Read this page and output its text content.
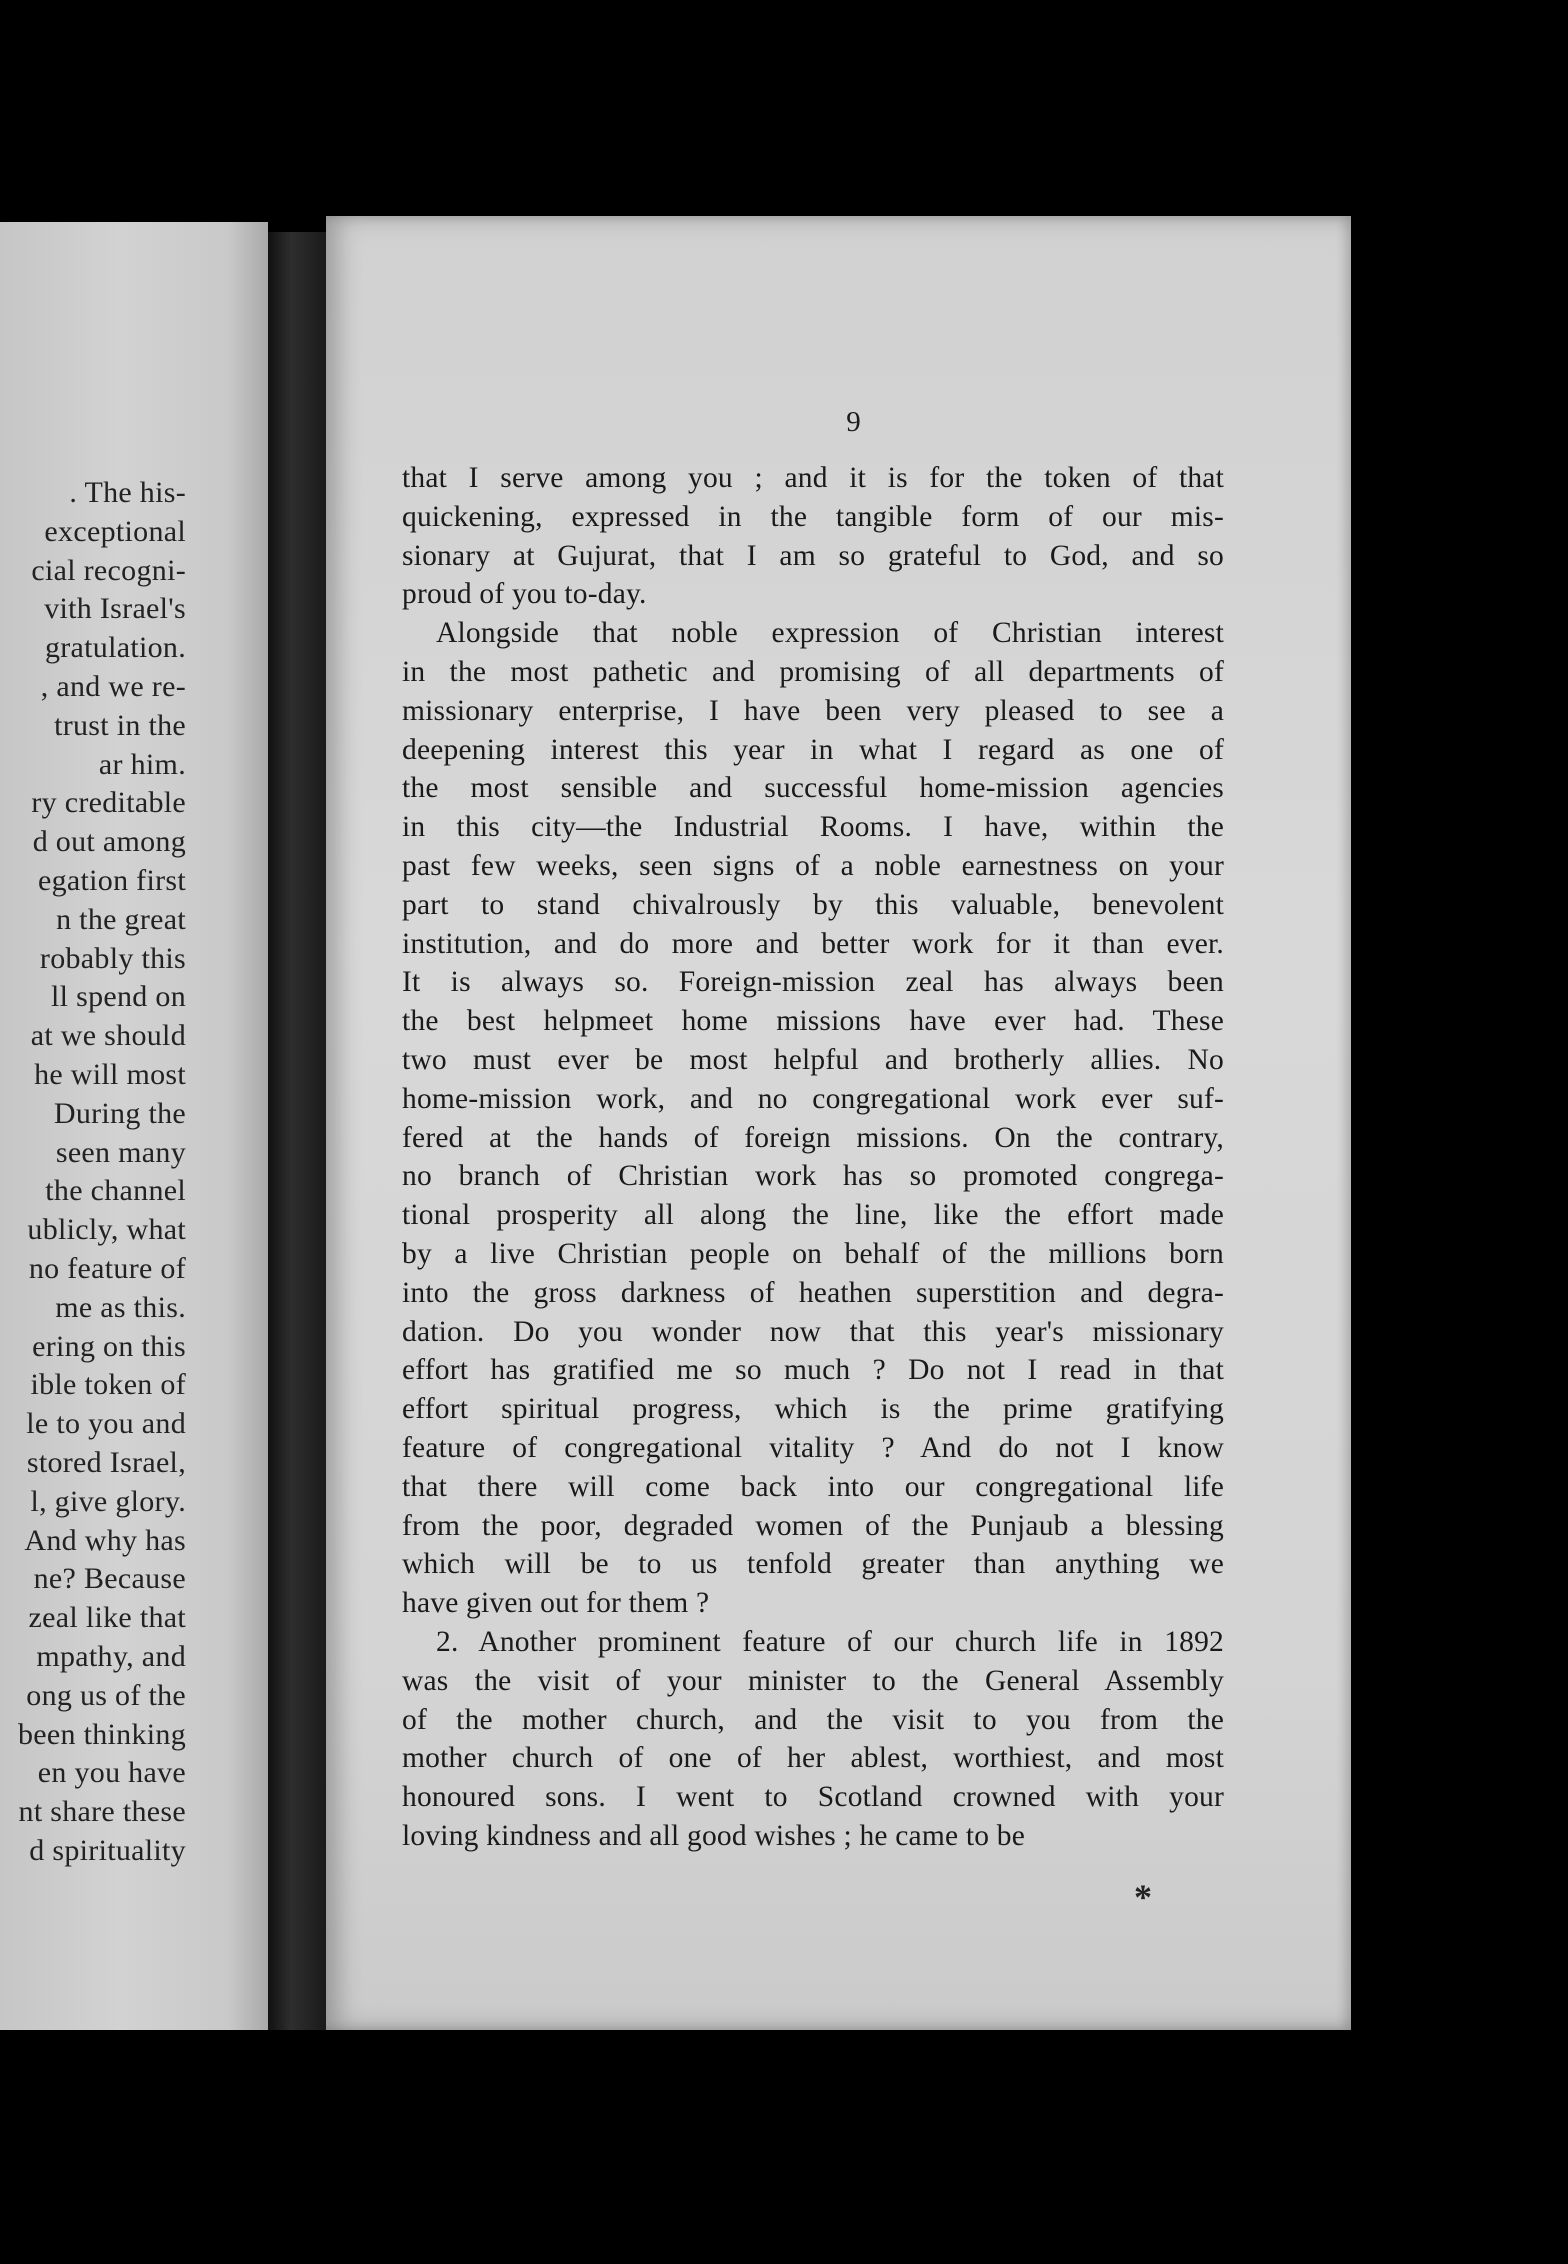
. The his-
exceptional
cial recogni-
vith Israel's
gratulation.
, and we re-
trust in the
ar him.
ry creditable
d out among
egation first
n the great
robably this
ll spend on
at we should
he will most
During the
seen many
the channel
ublicly, what
no feature of
me as this.
ering on this
ible token of
le to you and
stored Israel,
l, give glory.
And why has
ne? Because
zeal like that
mpathy, and
ong us of the
been thinking
en you have
nt share these
d spirituality
9
that I serve among you ; and it is for the token of that
quickening, expressed in the tangible form of our mis-
sionary at Gujurat, that I am so grateful to God, and so
proud of you to-day.
Alongside that noble expression of Christian interest
in the most pathetic and promising of all departments of
missionary enterprise, I have been very pleased to see a
deepening interest this year in what I regard as one of
the most sensible and successful home-mission agencies
in this city—the Industrial Rooms. I have, within the
past few weeks, seen signs of a noble earnestness on your
part to stand chivalrously by this valuable, benevolent
institution, and do more and better work for it than ever.
It is always so. Foreign-mission zeal has always been
the best helpmeet home missions have ever had. These
two must ever be most helpful and brotherly allies. No
home-mission work, and no congregational work ever suf-
fered at the hands of foreign missions. On the contrary,
no branch of Christian work has so promoted congrega-
tional prosperity all along the line, like the effort made
by a live Christian people on behalf of the millions born
into the gross darkness of heathen superstition and degra-
dation. Do you wonder now that this year's missionary
effort has gratified me so much ? Do not I read in that
effort spiritual progress, which is the prime gratifying
feature of congregational vitality ? And do not I know
that there will come back into our congregational life
from the poor, degraded women of the Punjaub a blessing
which will be to us tenfold greater than anything we
have given out for them ?
2. Another prominent feature of our church life in 1892
was the visit of your minister to the General Assembly
of the mother church, and the visit to you from the
mother church of one of her ablest, worthiest, and most
honoured sons. I went to Scotland crowned with your
loving kindness and all good wishes ; he came to be
*
